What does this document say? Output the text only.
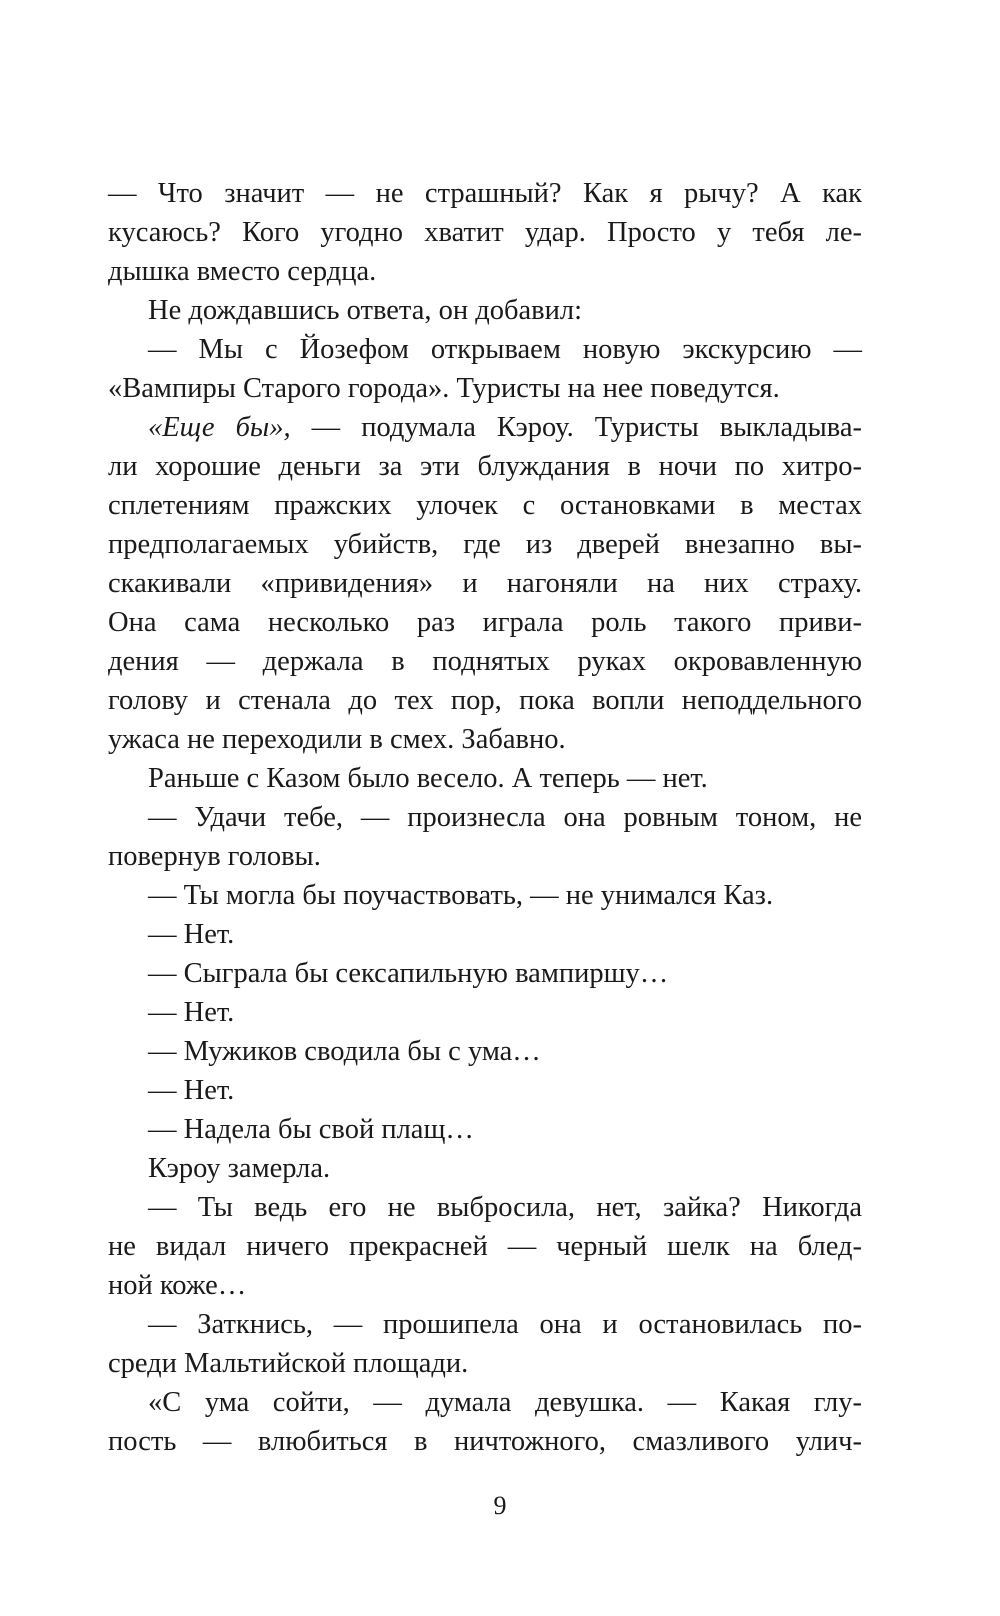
— Что значит — не страшный? Как я рычу? А как
кусаюсь? Кого угодно хватит удар. Просто у тебя ле-
дышка вместо сердца.
Не дождавшись ответа, он добавил:
— Мы с Йозефом открываем новую экскурсию —
«Вампиры Старого города». Туристы на нее поведутся.
«Еще бы», — подумала Кэроу. Туристы выкладыва-
ли хорошие деньги за эти блуждания в ночи по хитро-
сплетениям пражских улочек с остановками в местах
предполагаемых убийств, где из дверей внезапно вы-
скакивали «привидения» и нагоняли на них страху.
Она сама несколько раз играла роль такого приви-
дения — держала в поднятых руках окровавленную
голову и стенала до тех пор, пока вопли неподдельного
ужаса не переходили в смех. Забавно.
Раньше с Казом было весело. А теперь — нет.
— Удачи тебе, — произнесла она ровным тоном, не
повернув головы.
— Ты могла бы поучаствовать, — не унимался Каз.
— Нет.
— Сыграла бы сексапильную вампиршу…
— Нет.
— Мужиков сводила бы с ума…
— Нет.
— Надела бы свой плащ…
Кэроу замерла.
— Ты ведь его не выбросила, нет, зайка? Никогда
не видал ничего прекрасней — черный шелк на блед-
ной коже…
— Заткнись, — прошипела она и остановилась по-
среди Мальтийской площади.
«С ума сойти, — думала девушка. — Какая глу-
пость — влюбиться в ничтожного, смазливого улич-
9
